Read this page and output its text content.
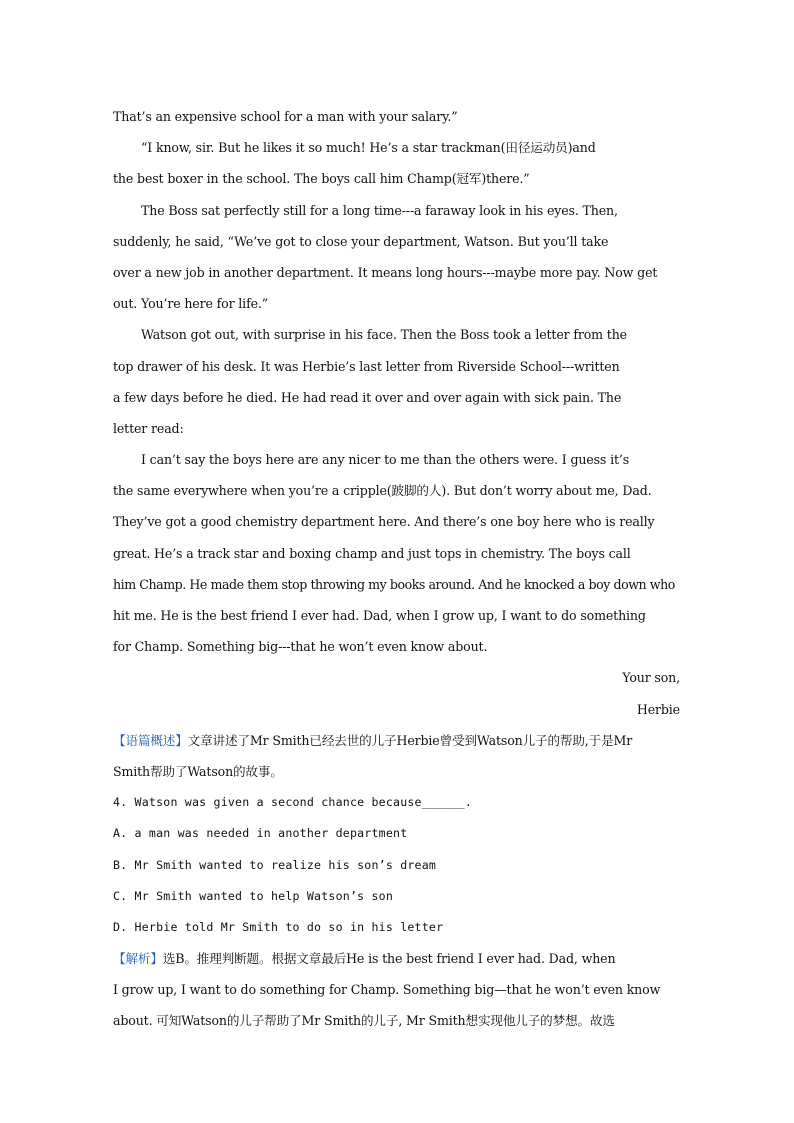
That’s an expensive school for a man with your salary.”
“I know, sir. But he likes it so much! He’s a star trackman(田径运动员)and
the best boxer in the school. The boys call him Champ(冠军)there.”
The Boss sat perfectly still for a long time---a faraway look in his eyes. Then,
suddenly, he said, “We’ve got to close your department, Watson. But you’ll take
over a new job in another department. It means long hours---maybe more pay. Now get
out. You’re here for life.”
Watson got out, with surprise in his face. Then the Boss took a letter from the
top drawer of his desk. It was Herbie’s last letter from Riverside School---written
a few days before he died. He had read it over and over again with sick pain. The
letter read:
I can’t say the boys here are any nicer to me than the others were. I guess it’s
the same everywhere when you’re a cripple(跛脚的人). But don’t worry about me, Dad.
They’ve got a good chemistry department here. And there’s one boy here who is really
great. He’s a track star and boxing champ and just tops in chemistry. The boys call
him Champ. He made them stop throwing my books around. And he knocked a boy down who
hit me. He is the best friend I ever had. Dad, when I grow up, I want to do something
for Champ. Something big---that he won’t even know about.
Your son,
Herbie
【语篇概述】文章讲述了Mr Smith已经去世的儿子Herbie曾受到Watson儿子的帮助,于是Mr
Smith帮助了Watson的故事。
4. Watson was given a second chance because______.
A. a man was needed in another department
B. Mr Smith wanted to realize his son’s dream
C. Mr Smith wanted to help Watson’s son
D. Herbie told Mr Smith to do so in his letter
【解析】选B。推理判断题。根据文章最后He is the best friend I ever had. Dad, when
I grow up, I want to do something for Champ. Something big—that he won’t even know
about. 可知Watson的儿子帮助了Mr Smith的儿子, Mr Smith想实现他儿子的梦想。故选
